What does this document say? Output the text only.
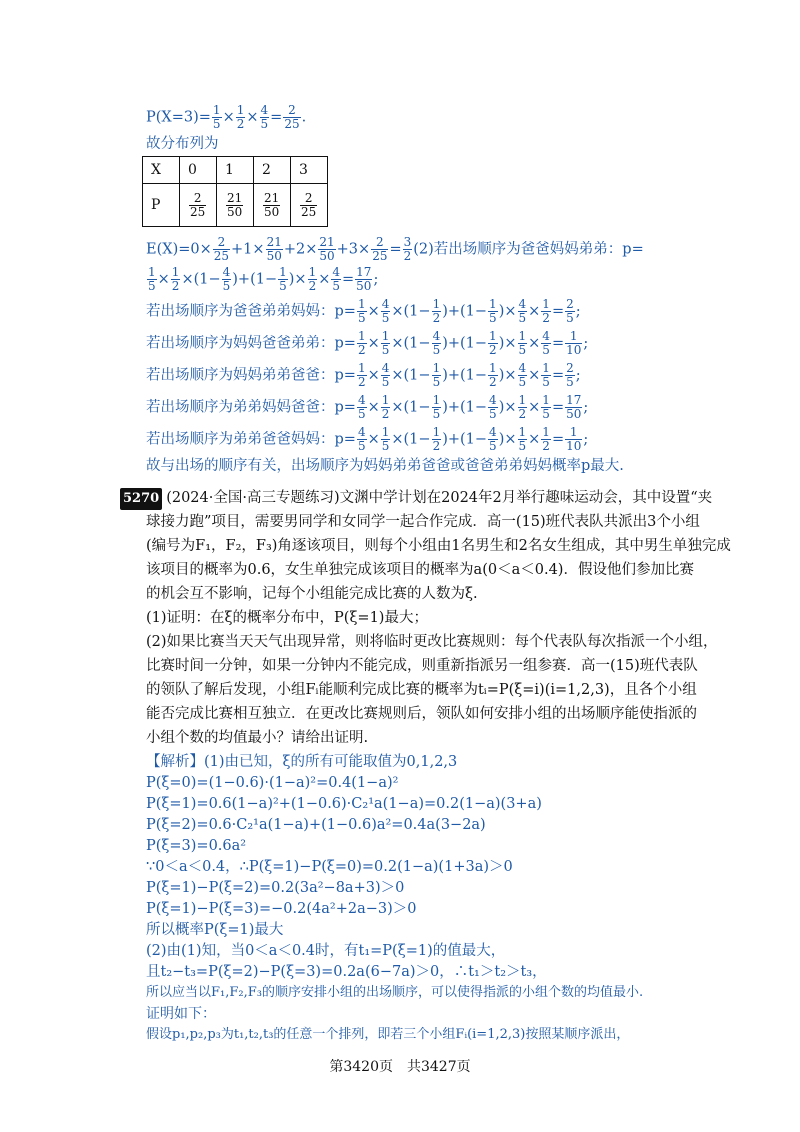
$P(X=3)= \frac{1}{5} \times \frac{1}{2} \times \frac{4}{5} = \frac{2}{25}$ .
故分布列为
X	0	1	2	3
P	$\frac{2}{25}$	$\frac{21}{50}$	$\frac{21}{50}$	$\frac{2}{25}$
$E(X)=0\times \frac{2}{25} +1\times \frac{21}{50} +2\times \frac{21}{50} +3\times \frac{2}{25} = \frac{3}{2} (2)$若出场顺序为爸爸妈妈弟弟：p=
$\frac{1}{5} \times \frac{1}{2} \times(1- \frac{4}{5} )+(1- \frac{1}{5}$ )× $\frac{1}{2} \times \frac{4}{5} = \frac{17}{50}$ ;
若出场顺序为爸爸弟弟妈妈：$p= \frac{1}{5} \times \frac{4}{5} \times(1- \frac{1}{2} )+(1- \frac{1}{5}$ )× $\frac{4}{5} \times \frac{1}{2} = \frac{2}{5}$ ;
若出场顺序为妈妈爸爸弟弟：$p= \frac{1}{2} \times \frac{1}{5} \times(1- \frac{4}{5} )+(1- \frac{1}{2}$ )× $\frac{1}{5} \times \frac{4}{5} = \frac{1}{10}$ ;
若出场顺序为妈妈弟弟爸爸：$p= \frac{1}{2} \times \frac{4}{5} \times(1- \frac{1}{5} )+(1- \frac{1}{2}$ )× $\frac{4}{5} \times \frac{1}{5} = \frac{2}{5}$ ;
若出场顺序为弟弟妈妈爸爸：$p= \frac{4}{5} \times \frac{1}{2} \times(1- \frac{1}{5} )+(1- \frac{4}{5}$ )× $\frac{1}{2} \times \frac{1}{5} = \frac{17}{50}$ ;
若出场顺序为弟弟爸爸妈妈：$p= \frac{4}{5} \times \frac{1}{5} \times(1- \frac{1}{2} )+(1- \frac{4}{5}$ )× $\frac{1}{5} \times \frac{1}{2} = \frac{1}{10}$ ;
故与出场的顺序有关，出场顺序为妈妈弟弟爸爸或爸爸弟弟妈妈概率p最大.
5270 (2024·全国·高三专题练习)文渊中学计划在2024年2月举行趣味运动会，其中设置“夹
球接力跑”项目，需要男同学和女同学一起合作完成．高一(15)班代表队共派出3个小组
(编号为F₁，F₂，F₃)角逐该项目，则每个小组由1名男生和2名女生组成，其中男生单独完成
该项目的概率为0.6，女生单独完成该项目的概率为a(0＜a＜0.4)．假设他们参加比赛
的机会互不影响，记每个小组能完成比赛的人数为ξ.
(1)证明：在ξ的概率分布中，P(ξ=1)最大；
(2)如果比赛当天天气出现异常，则将临时更改比赛规则：每个代表队每次指派一个小组，
比赛时间一分钟，如果一分钟内不能完成，则重新指派另一组参赛．高一(15)班代表队
的领队了解后发现，小组Fᵢ能顺利完成比赛的概率为tᵢ=P(ξ=i)(i=1,2,3)，且各个小组
能否完成比赛相互独立．在更改比赛规则后，领队如何安排小组的出场顺序能使指派的
小组个数的均值最小？请给出证明.
【解析】(1)由已知，ξ的所有可能取值为0,1,2,3
P(ξ=0)=(1−0.6)·(1−a)²=0.4(1−a)²
P(ξ=1)=0.6(1−a)²+(1−0.6)·C₂¹a(1−a)=0.2(1−a)(3+a)
P(ξ=2)=0.6·C₂¹a(1−a)+(1−0.6)a²=0.4a(3−2a)
P(ξ=3)=0.6a²
∵0＜a＜0.4，∴P(ξ=1)−P(ξ=0)=0.2(1−a)(1+3a)＞0
P(ξ=1)−P(ξ=2)=0.2(3a²−8a+3)＞0
P(ξ=1)−P(ξ=3)=−0.2(4a²+2a−3)＞0
所以概率P(ξ=1)最大
(2)由(1)知，当0＜a＜0.4时，有t₁=P(ξ=1)的值最大，
且t₂−t₃=P(ξ=2)−P(ξ=3)=0.2a(6−7a)＞0，∴t₁＞t₂＞t₃，
所以应当以F₁,F₂,F₃的顺序安排小组的出场顺序，可以使得指派的小组个数的均值最小.
证明如下：
假设p₁,p₂,p₃为t₁,t₂,t₃的任意一个排列，即若三个小组Fᵢ(i=1,2,3)按照某顺序派出，
第3420页　共3427页
